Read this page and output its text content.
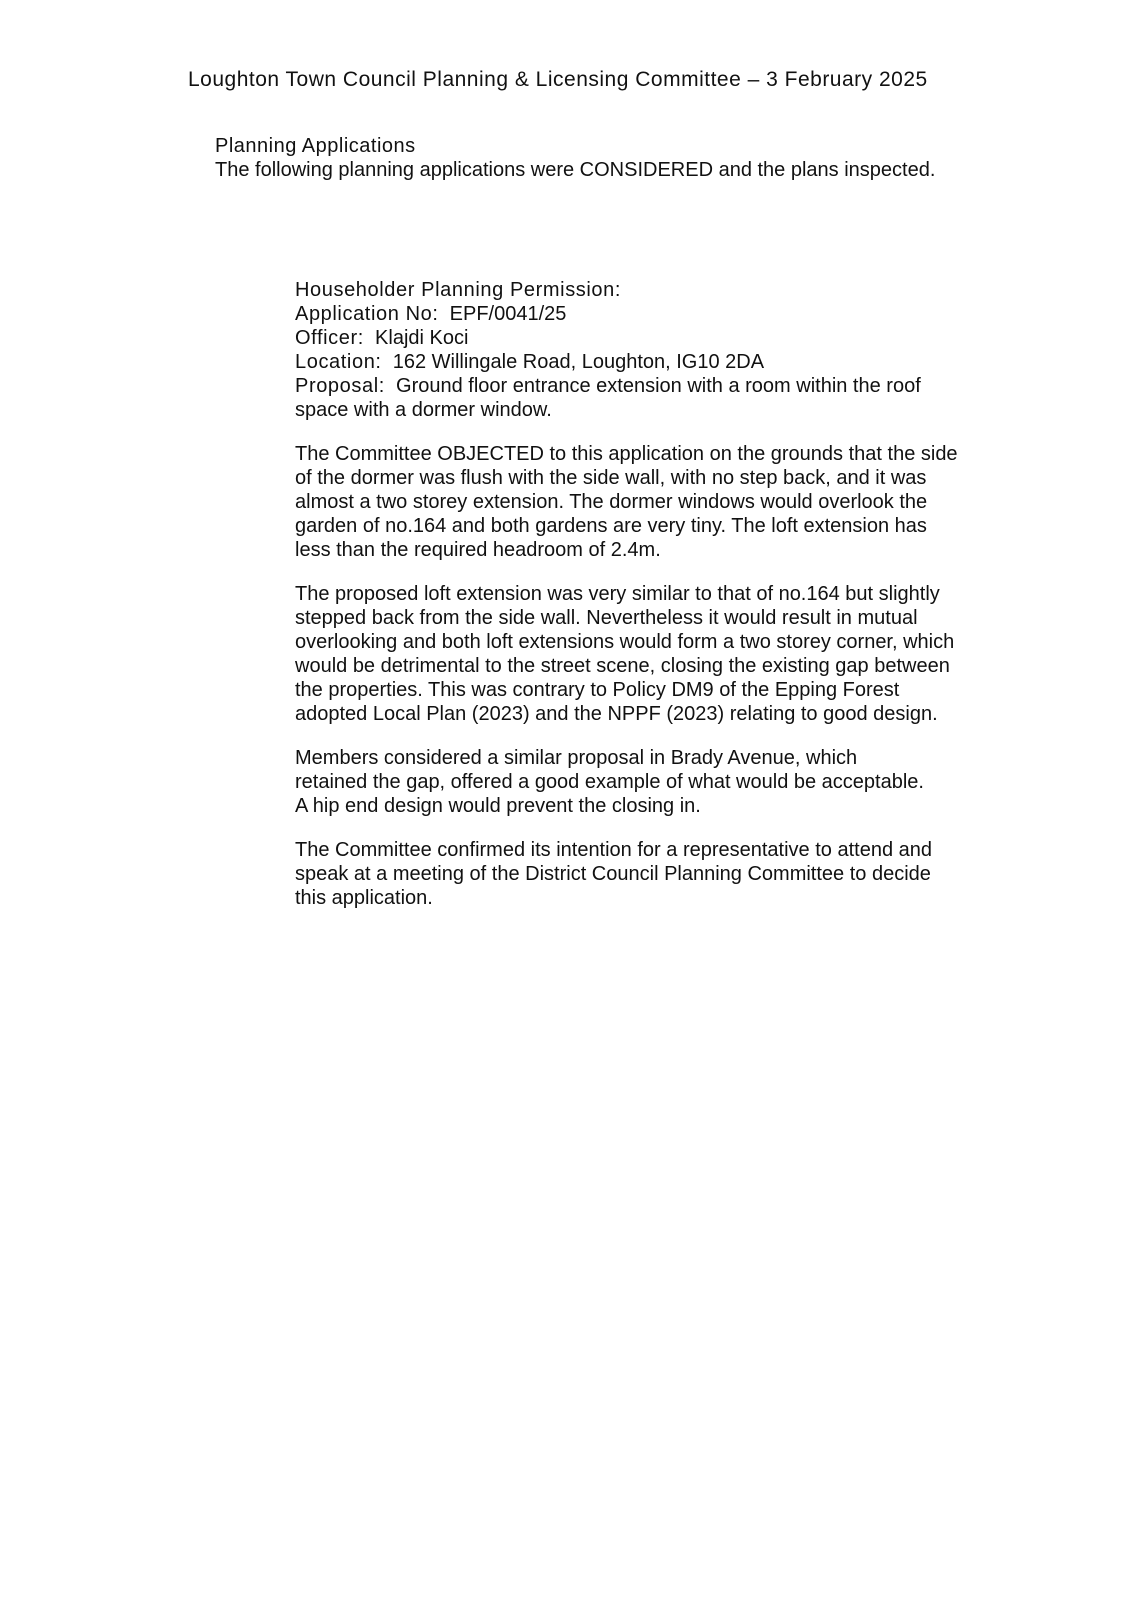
Loughton Town Council Planning & Licensing Committee – 3 February 2025
Planning Applications
The following planning applications were CONSIDERED and the plans inspected.
Householder Planning Permission:
Application No: EPF/0041/25
Officer: Klajdi Koci
Location: 162 Willingale Road, Loughton, IG10 2DA
Proposal: Ground floor entrance extension with a room within the roof
space with a dormer window.
The Committee OBJECTED to this application on the grounds that the side
of the dormer was flush with the side wall, with no step back, and it was
almost a two storey extension. The dormer windows would overlook the
garden of no.164 and both gardens are very tiny. The loft extension has
less than the required headroom of 2.4m.
The proposed loft extension was very similar to that of no.164 but slightly
stepped back from the side wall. Nevertheless it would result in mutual
overlooking and both loft extensions would form a two storey corner, which
would be detrimental to the street scene, closing the existing gap between
the properties. This was contrary to Policy DM9 of the Epping Forest
adopted Local Plan (2023) and the NPPF (2023) relating to good design.
Members considered a similar proposal in Brady Avenue, which
retained the gap, offered a good example of what would be acceptable.
A hip end design would prevent the closing in.
The Committee confirmed its intention for a representative to attend and
speak at a meeting of the District Council Planning Committee to decide
this application.
